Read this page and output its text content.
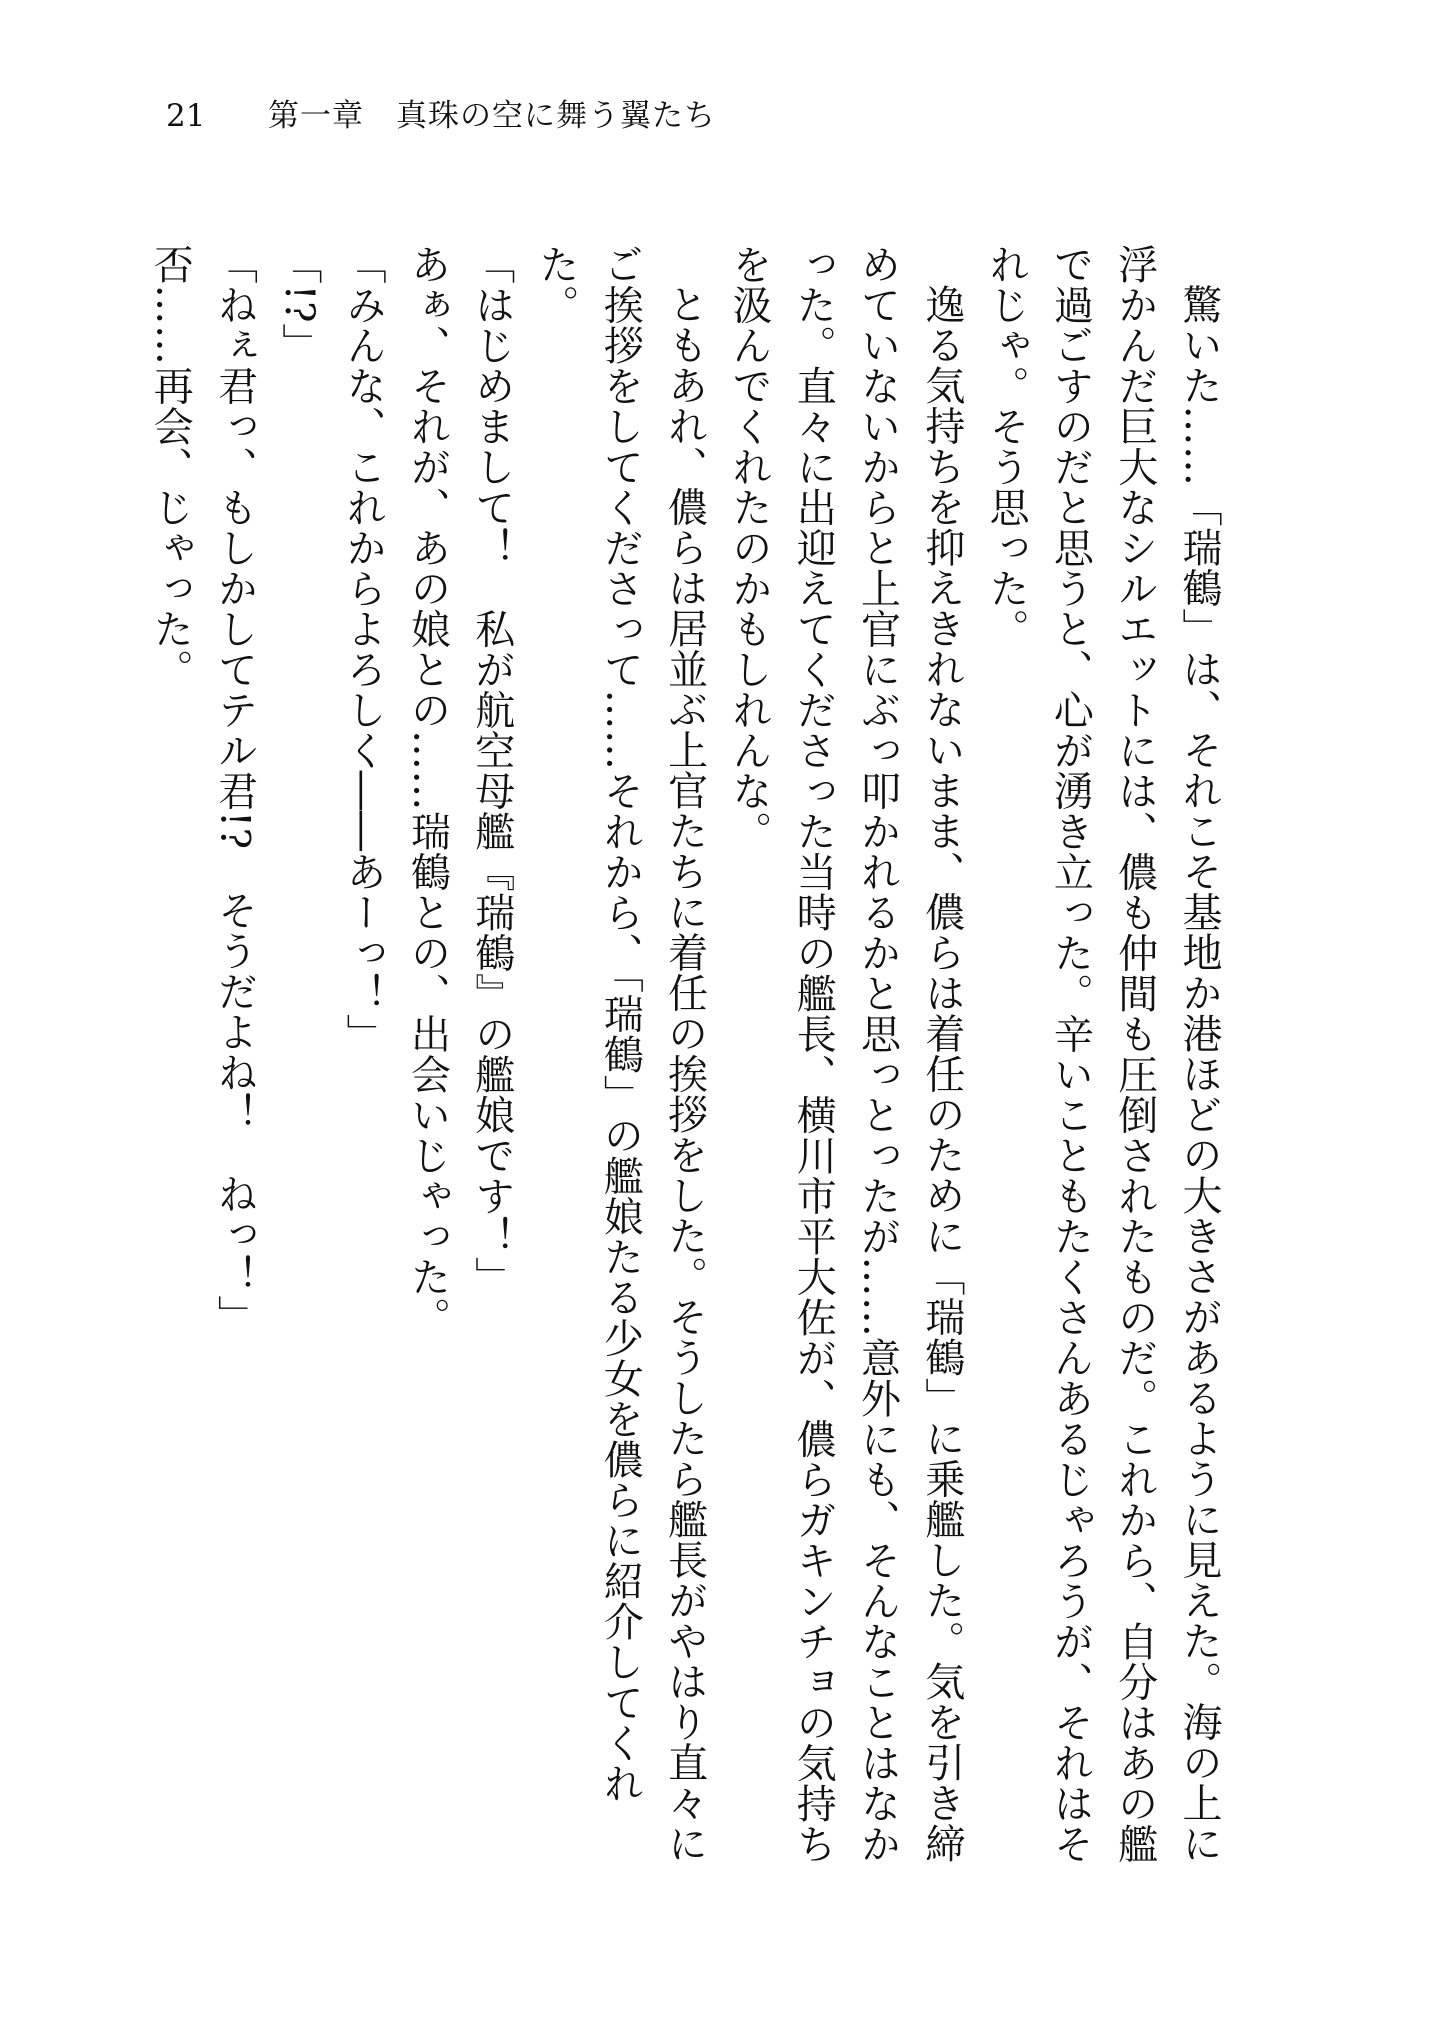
21 第一章　真珠の空に舞う翼たち

驚いた……「瑞鶴」は、それこそ基地か港ほどの大きさがあるように見えた。海の上に浮かんだ巨大なシルエットには、儂も仲間も圧倒されたものだ。これから、自分はあの艦で過ごすのだと思うと、心が湧き立った。辛いこともたくさんあるじゃろうが、それはそれじゃ。そう思った。

逸る気持ちを抑えきれないまま、儂らは着任のために「瑞鶴」に乗艦した。気を引き締めていないからと上官にぶっ叩かれるかと思っとったが……意外にも、そんなことはなかった。直々に出迎えてくださった当時の艦長、横川市平大佐が、儂らガキンチョの気持ちを汲んでくれたのかもしれんな。

ともあれ、儂らは居並ぶ上官たちに着任の挨拶をした。そうしたら艦長がやはり直々にご挨拶をしてくださって……それから、「瑞鶴」の艦娘たる少女を儂らに紹介してくれた。

「はじめまして！　私が航空母艦『瑞鶴』の艦娘です！」

あぁ、それが、あの娘との……瑞鶴との、出会いじゃった。

「みんな、これからよろしく――あーっ！」

「!?」

「ねぇ君っ、もしかしてテル君!?　そうだよね！　ねっ！」

否……再会、じゃった。
